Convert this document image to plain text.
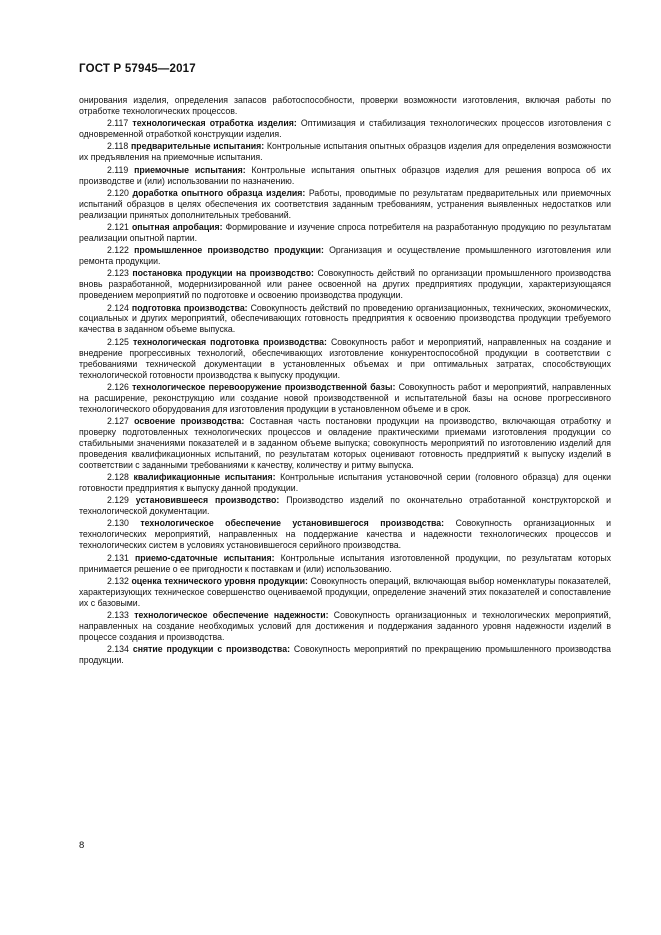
ГОСТ Р 57945—2017

онирования изделия, определения запасов работоспособности, проверки возможности изготовления, включая работы по отработке технологических процессов.

2.117 технологическая отработка изделия: Оптимизация и стабилизация технологических процессов изготовления с одновременной отработкой конструкции изделия.

2.118 предварительные испытания: Контрольные испытания опытных образцов изделия для определения возможности их предъявления на приемочные испытания.

2.119 приемочные испытания: Контрольные испытания опытных образцов изделия для решения вопроса об их производстве и (или) использовании по назначению.

2.120 доработка опытного образца изделия: Работы, проводимые по результатам предварительных или приемочных испытаний образцов в целях обеспечения их соответствия заданным требованиям, устранения выявленных недостатков или реализации принятых дополнительных требований.

2.121 опытная апробация: Формирование и изучение спроса потребителя на разработанную продукцию по результатам реализации опытной партии.

2.122 промышленное производство продукции: Организация и осуществление промышленного изготовления или ремонта продукции.

2.123 постановка продукции на производство: Совокупность действий по организации промышленного производства вновь разработанной, модернизированной или ранее освоенной на других предприятиях продукции, характеризующаяся проведением мероприятий по подготовке и освоению производства продукции.

2.124 подготовка производства: Совокупность действий по проведению организационных, технических, экономических, социальных и других мероприятий, обеспечивающих готовность предприятия к освоению производства продукции требуемого качества в заданном объеме выпуска.

2.125 технологическая подготовка производства: Совокупность работ и мероприятий, направленных на создание и внедрение прогрессивных технологий, обеспечивающих изготовление конкурентоспособной продукции в соответствии с требованиями технической документации в установленных объемах и при оптимальных затратах, способствующих технологической готовности производства к выпуску продукции.

2.126 технологическое перевооружение производственной базы: Совокупность работ и мероприятий, направленных на расширение, реконструкцию или создание новой производственной и испытательной базы на основе прогрессивного технологического оборудования для изготовления продукции в установленном объеме и в срок.

2.127 освоение производства: Составная часть постановки продукции на производство, включающая отработку и проверку подготовленных технологических процессов и овладение практическими приемами изготовления продукции со стабильными значениями показателей и в заданном объеме выпуска; совокупность мероприятий по изготовлению изделий для проведения квалификационных испытаний, по результатам которых оценивают готовность предприятий к выпуску изделий в соответствии с заданными требованиями к качеству, количеству и ритму выпуска.

2.128 квалификационные испытания: Контрольные испытания установочной серии (головного образца) для оценки готовности предприятия к выпуску данной продукции.

2.129 установившееся производство: Производство изделий по окончательно отработанной конструкторской и технологической документации.

2.130 технологическое обеспечение установившегося производства: Совокупность организационных и технологических мероприятий, направленных на поддержание качества и надежности технологических процессов и технологических систем в условиях установившегося серийного производства.

2.131 приемо-сдаточные испытания: Контрольные испытания изготовленной продукции, по результатам которых принимается решение о ее пригодности к поставкам и (или) использованию.

2.132 оценка технического уровня продукции: Совокупность операций, включающая выбор номенклатуры показателей, характеризующих техническое совершенство оцениваемой продукции, определение значений этих показателей и сопоставление их с базовыми.

2.133 технологическое обеспечение надежности: Совокупность организационных и технологических мероприятий, направленных на создание необходимых условий для достижения и поддержания заданного уровня надежности изделий в процессе создания и производства.

2.134 снятие продукции с производства: Совокупность мероприятий по прекращению промышленного производства продукции.

8
